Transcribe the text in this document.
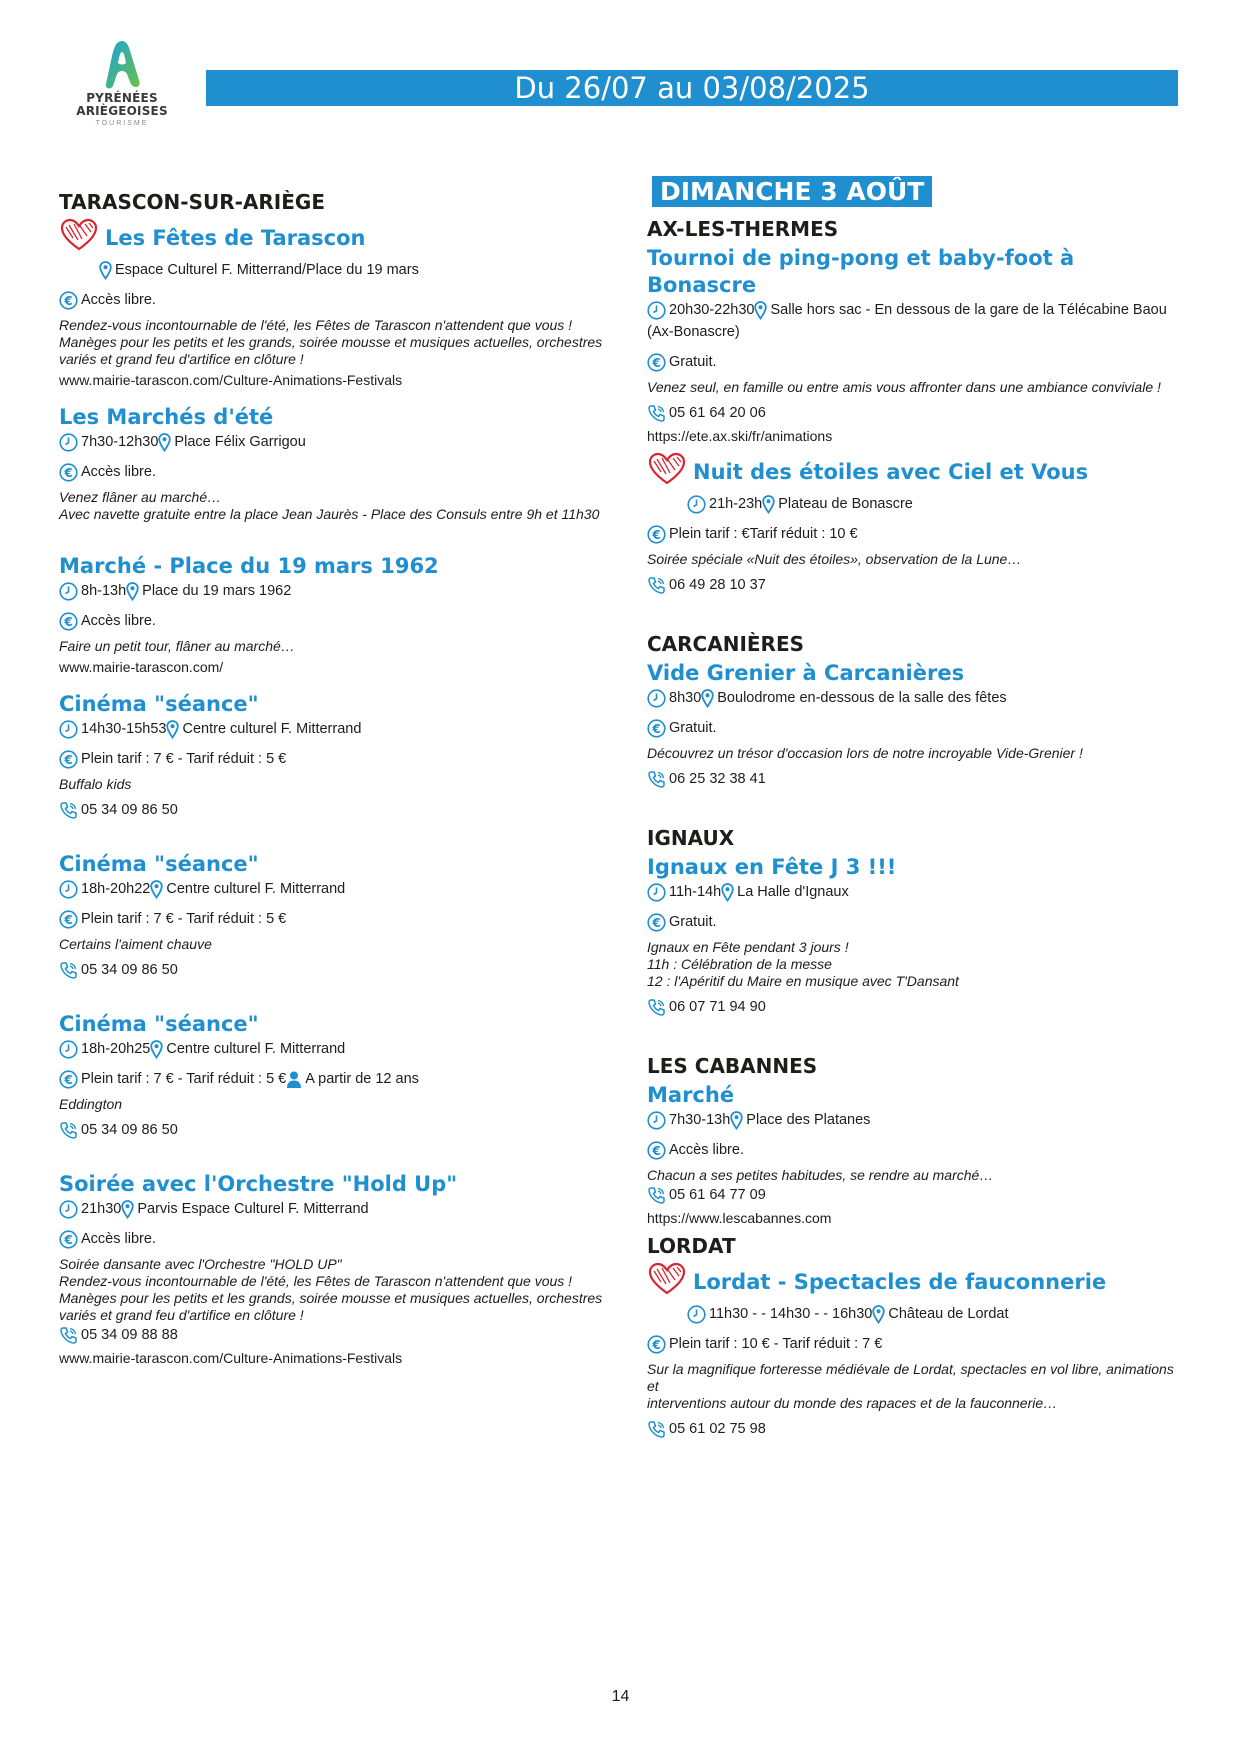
PYRÉNÉES
ARIÈGEOISES
TOURISME
Du 26/07 au 03/08/2025
TARASCON-SUR-ARIÈGE
Les Fêtes de Tarascon
Espace Culturel F. Mitterrand/Place du 19 mars
€ Accès libre.
Rendez-vous incontournable de l'été, les Fêtes de Tarascon n'attendent que vous !
Manèges pour les petits et les grands, soirée mousse et musiques actuelles, orchestres
variés et grand feu d'artifice en clôture !
www.mairie-tarascon.com/Culture-Animations-Festivals
Les Marchés d'été
7h30-12h30 Place Félix Garrigou
€ Accès libre.
Venez flâner au marché…
Avec navette gratuite entre la place Jean Jaurès - Place des Consuls entre 9h et 11h30
Marché - Place du 19 mars 1962
8h-13h Place du 19 mars 1962
€ Accès libre.
Faire un petit tour, flâner au marché…
www.mairie-tarascon.com/
Cinéma "séance"
14h30-15h53 Centre culturel F. Mitterrand
€ Plein tarif : 7 € - Tarif réduit : 5 €
Buffalo kids
05 34 09 86 50
Cinéma "séance"
18h-20h22 Centre culturel F. Mitterrand
€ Plein tarif : 7 € - Tarif réduit : 5 €
Certains l'aiment chauve
05 34 09 86 50
Cinéma "séance"
18h-20h25 Centre culturel F. Mitterrand
€ Plein tarif : 7 € - Tarif réduit : 5 € A partir de 12 ans
Eddington
05 34 09 86 50
Soirée avec l'Orchestre "Hold Up"
21h30 Parvis Espace Culturel F. Mitterrand
€ Accès libre.
Soirée dansante avec l'Orchestre "HOLD UP"
Rendez-vous incontournable de l'été, les Fêtes de Tarascon n'attendent que vous !
Manèges pour les petits et les grands, soirée mousse et musiques actuelles, orchestres
variés et grand feu d'artifice en clôture !
05 34 09 88 88
www.mairie-tarascon.com/Culture-Animations-Festivals
DIMANCHE 3 AOÛT
AX-LES-THERMES
Tournoi de ping-pong et baby-foot à Bonascre
20h30-22h30 Salle hors sac - En dessous de la gare de la Télécabine Baou
(Ax-Bonascre)
€ Gratuit.
Venez seul, en famille ou entre amis vous affronter dans une ambiance conviviale !
05 61 64 20 06
https://ete.ax.ski/fr/animations
Nuit des étoiles avec Ciel et Vous
21h-23h Plateau de Bonascre
€ Plein tarif : €Tarif réduit : 10 €
Soirée spéciale «Nuit des étoiles», observation de la Lune…
06 49 28 10 37
CARCANIÈRES
Vide Grenier à Carcanières
8h30 Boulodrome en-dessous de la salle des fêtes
€ Gratuit.
Découvrez un trésor d'occasion lors de notre incroyable Vide-Grenier !
06 25 32 38 41
IGNAUX
Ignaux en Fête J 3 !!!
11h-14h La Halle d'Ignaux
€ Gratuit.
Ignaux en Fête pendant 3 jours !
11h : Célébration de la messe
12 : l'Apéritif du Maire en musique avec T'Dansant
06 07 71 94 90
LES CABANNES
Marché
7h30-13h Place des Platanes
€ Accès libre.
Chacun a ses petites habitudes, se rendre au marché…
05 61 64 77 09
https://www.lescabannes.com
LORDAT
Lordat - Spectacles de fauconnerie
11h30 - - 14h30 - - 16h30 Château de Lordat
€ Plein tarif : 10 € - Tarif réduit : 7 €
Sur la magnifique forteresse médiévale de Lordat, spectacles en vol libre, animations et
interventions autour du monde des rapaces et de la fauconnerie…
05 61 02 75 98
14
